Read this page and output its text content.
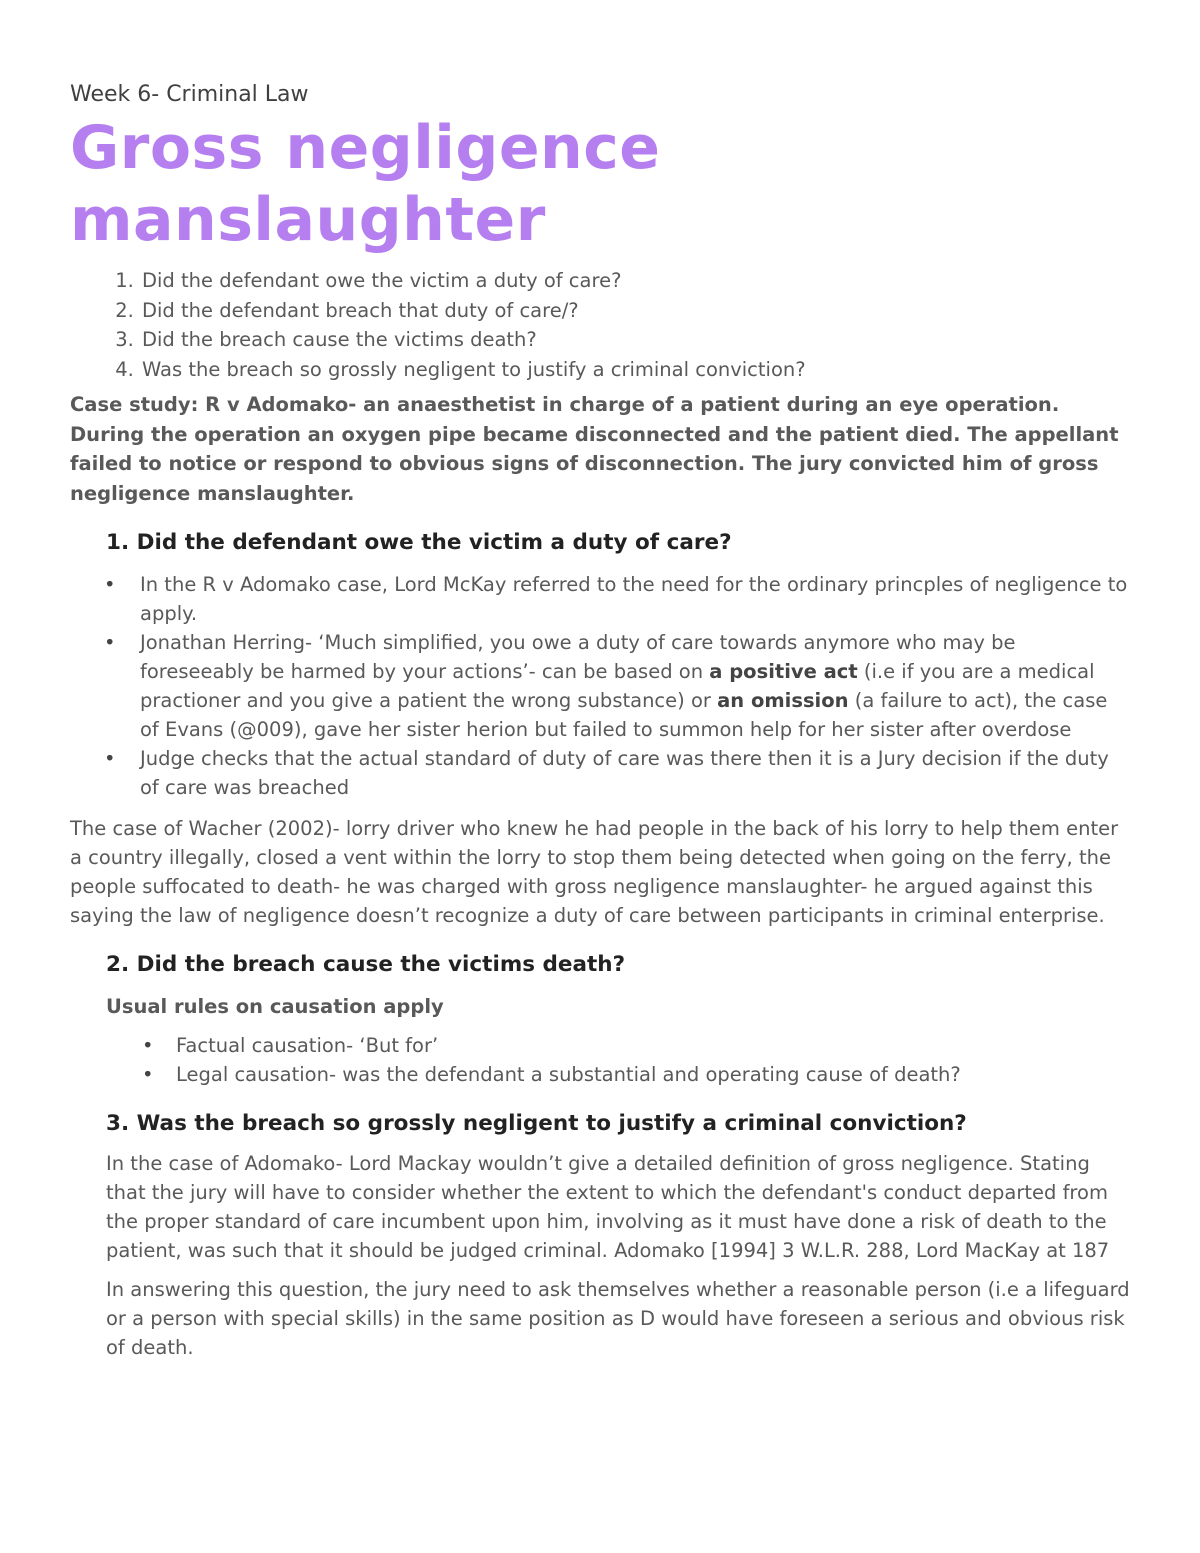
Week 6- Criminal Law

Gross negligence
manslaughter
1. Did the defendant owe the victim a duty of care?
2. Did the defendant breach that duty of care/?
3. Did the breach cause the victims death?
4. Was the breach so grossly negligent to justify a criminal conviction?

Case study: R v Adomako- an anaesthetist in charge of a patient during an eye operation. During the operation an oxygen pipe became disconnected and the patient died. The appellant failed to notice or respond to obvious signs of disconnection. The jury convicted him of gross negligence manslaughter.

1. Did the defendant owe the victim a duty of care?
• In the R v Adomako case, Lord McKay referred to the need for the ordinary princples of negligence to apply.
• Jonathan Herring- ‘Much simplified, you owe a duty of care towards anymore who may be foreseeably be harmed by your actions’- can be based on a positive act (i.e if you are a medical practioner and you give a patient the wrong substance) or an omission (a failure to act), the case of Evans (@009), gave her sister herion but failed to summon help for her sister after overdose
• Judge checks that the actual standard of duty of care was there then it is a Jury decision if the duty of care was breached

The case of Wacher (2002)- lorry driver who knew he had people in the back of his lorry to help them enter a country illegally, closed a vent within the lorry to stop them being detected when going on the ferry, the people suffocated to death- he was charged with gross negligence manslaughter- he argued against this saying the law of negligence doesn’t recognize a duty of care between participants in criminal enterprise.

2. Did the breach cause the victims death?

Usual rules on causation apply

• Factual causation- ‘But for’
• Legal causation- was the defendant a substantial and operating cause of death?
3. Was the breach so grossly negligent to justify a criminal conviction?

In the case of Adomako- Lord Mackay wouldn’t give a detailed definition of gross negligence. Stating that the jury will have to consider whether the extent to which the defendant's conduct departed from the proper standard of care incumbent upon him, involving as it must have done a risk of death to the patient, was such that it should be judged criminal. Adomako [1994] 3 W.L.R. 288, Lord MacKay at 187

In answering this question, the jury need to ask themselves whether a reasonable person (i.e a lifeguard or a person with special skills) in the same position as D would have foreseen a serious and obvious risk of death.
